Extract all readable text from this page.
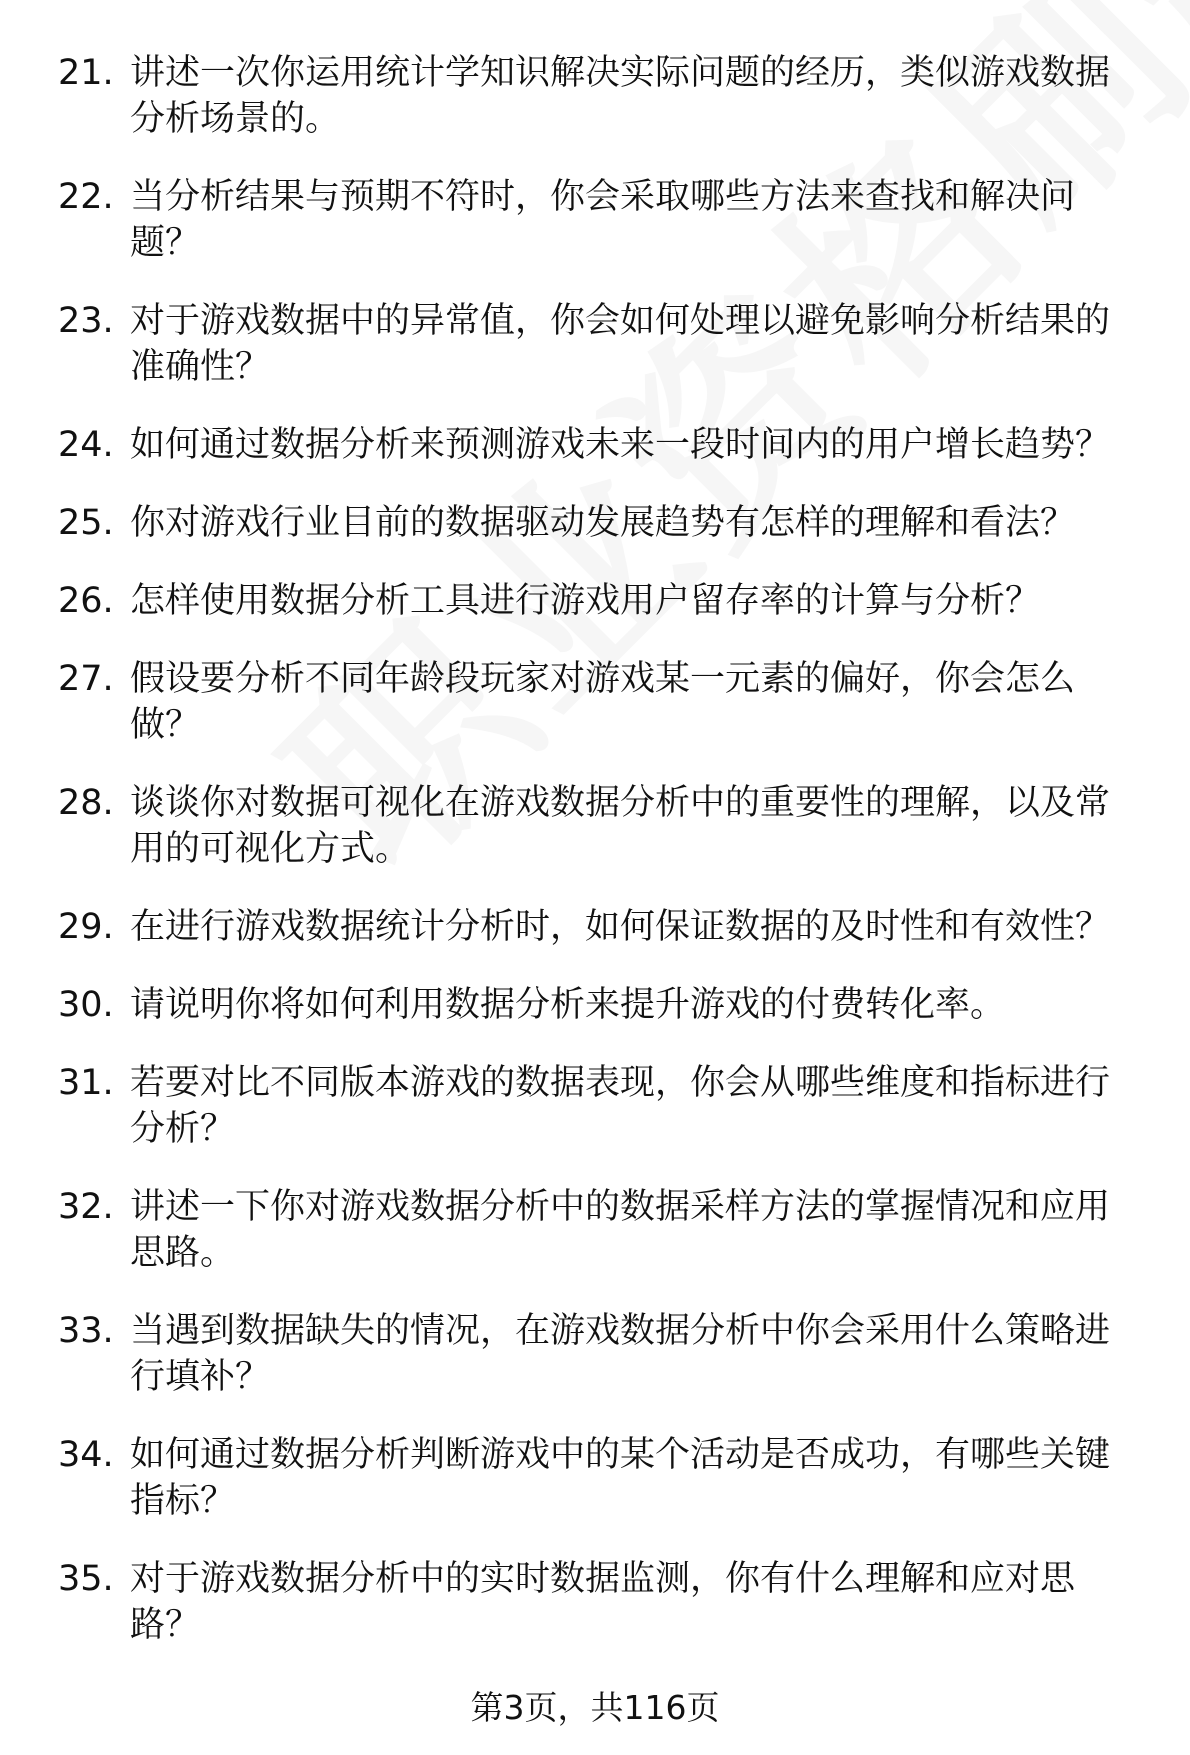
21. 讲述一次你运用统计学知识解决实际问题的经历，类似游戏数据分析场景的。
22. 当分析结果与预期不符时，你会采取哪些方法来查找和解决问题？
23. 对于游戏数据中的异常值，你会如何处理以避免影响分析结果的准确性？
24. 如何通过数据分析来预测游戏未来一段时间内的用户增长趋势？
25. 你对游戏行业目前的数据驱动发展趋势有怎样的理解和看法？
26. 怎样使用数据分析工具进行游戏用户留存率的计算与分析？
27. 假设要分析不同年龄段玩家对游戏某一元素的偏好，你会怎么做？
28. 谈谈你对数据可视化在游戏数据分析中的重要性的理解，以及常用的可视化方式。
29. 在进行游戏数据统计分析时，如何保证数据的及时性和有效性？
30. 请说明你将如何利用数据分析来提升游戏的付费转化率。
31. 若要对比不同版本游戏的数据表现，你会从哪些维度和指标进行分析？
32. 讲述一下你对游戏数据分析中的数据采样方法的掌握情况和应用思路。
33. 当遇到数据缺失的情况，在游戏数据分析中你会采用什么策略进行填补？
34. 如何通过数据分析判断游戏中的某个活动是否成功，有哪些关键指标？
35. 对于游戏数据分析中的实时数据监测，你有什么理解和应对思路？
第3页，共116页
